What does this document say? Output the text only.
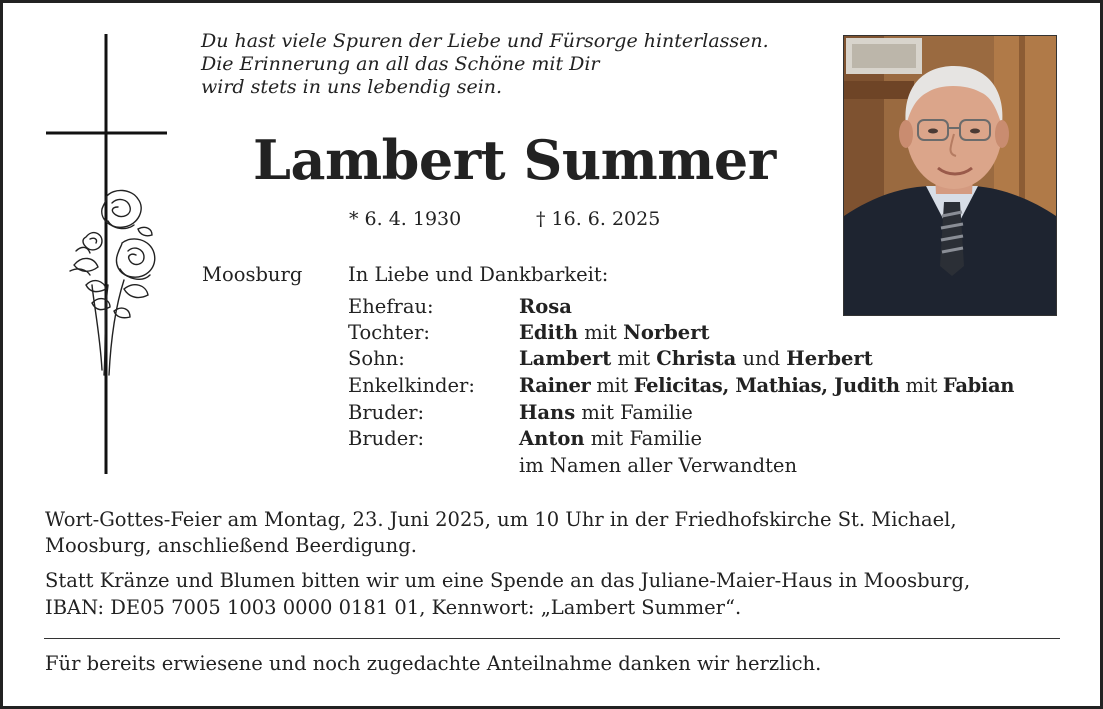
Du hast viele Spuren der Liebe und Fürsorge hinterlassen.
Die Erinnerung an all das Schöne mit Dir
wird stets in uns lebendig sein.
Lambert Summer
* 6. 4. 1930	† 16. 6. 2025
Moosburg In Liebe und Dankbarkeit:
Ehefrau:	Rosa
Tochter:	Edith mit Norbert
Sohn:	Lambert mit Christa und Herbert
Enkelkinder: Rainer mit Felicitas, Mathias, Judith mit Fabian
Bruder:	Hans mit Familie
Bruder:	Anton mit Familie
im Namen aller Verwandten
Wort-Gottes-Feier am Montag, 23. Juni 2025, um 10 Uhr in der Friedhofskirche St. Michael,
Moosburg, anschließend Beerdigung.
Statt Kränze und Blumen bitten wir um eine Spende an das Juliane-Maier-Haus in Moosburg,
IBAN: DE05 7005 1003 0000 0181 01, Kennwort: „Lambert Summer“.
Für bereits erwiesene und noch zugedachte Anteilnahme danken wir herzlich.
